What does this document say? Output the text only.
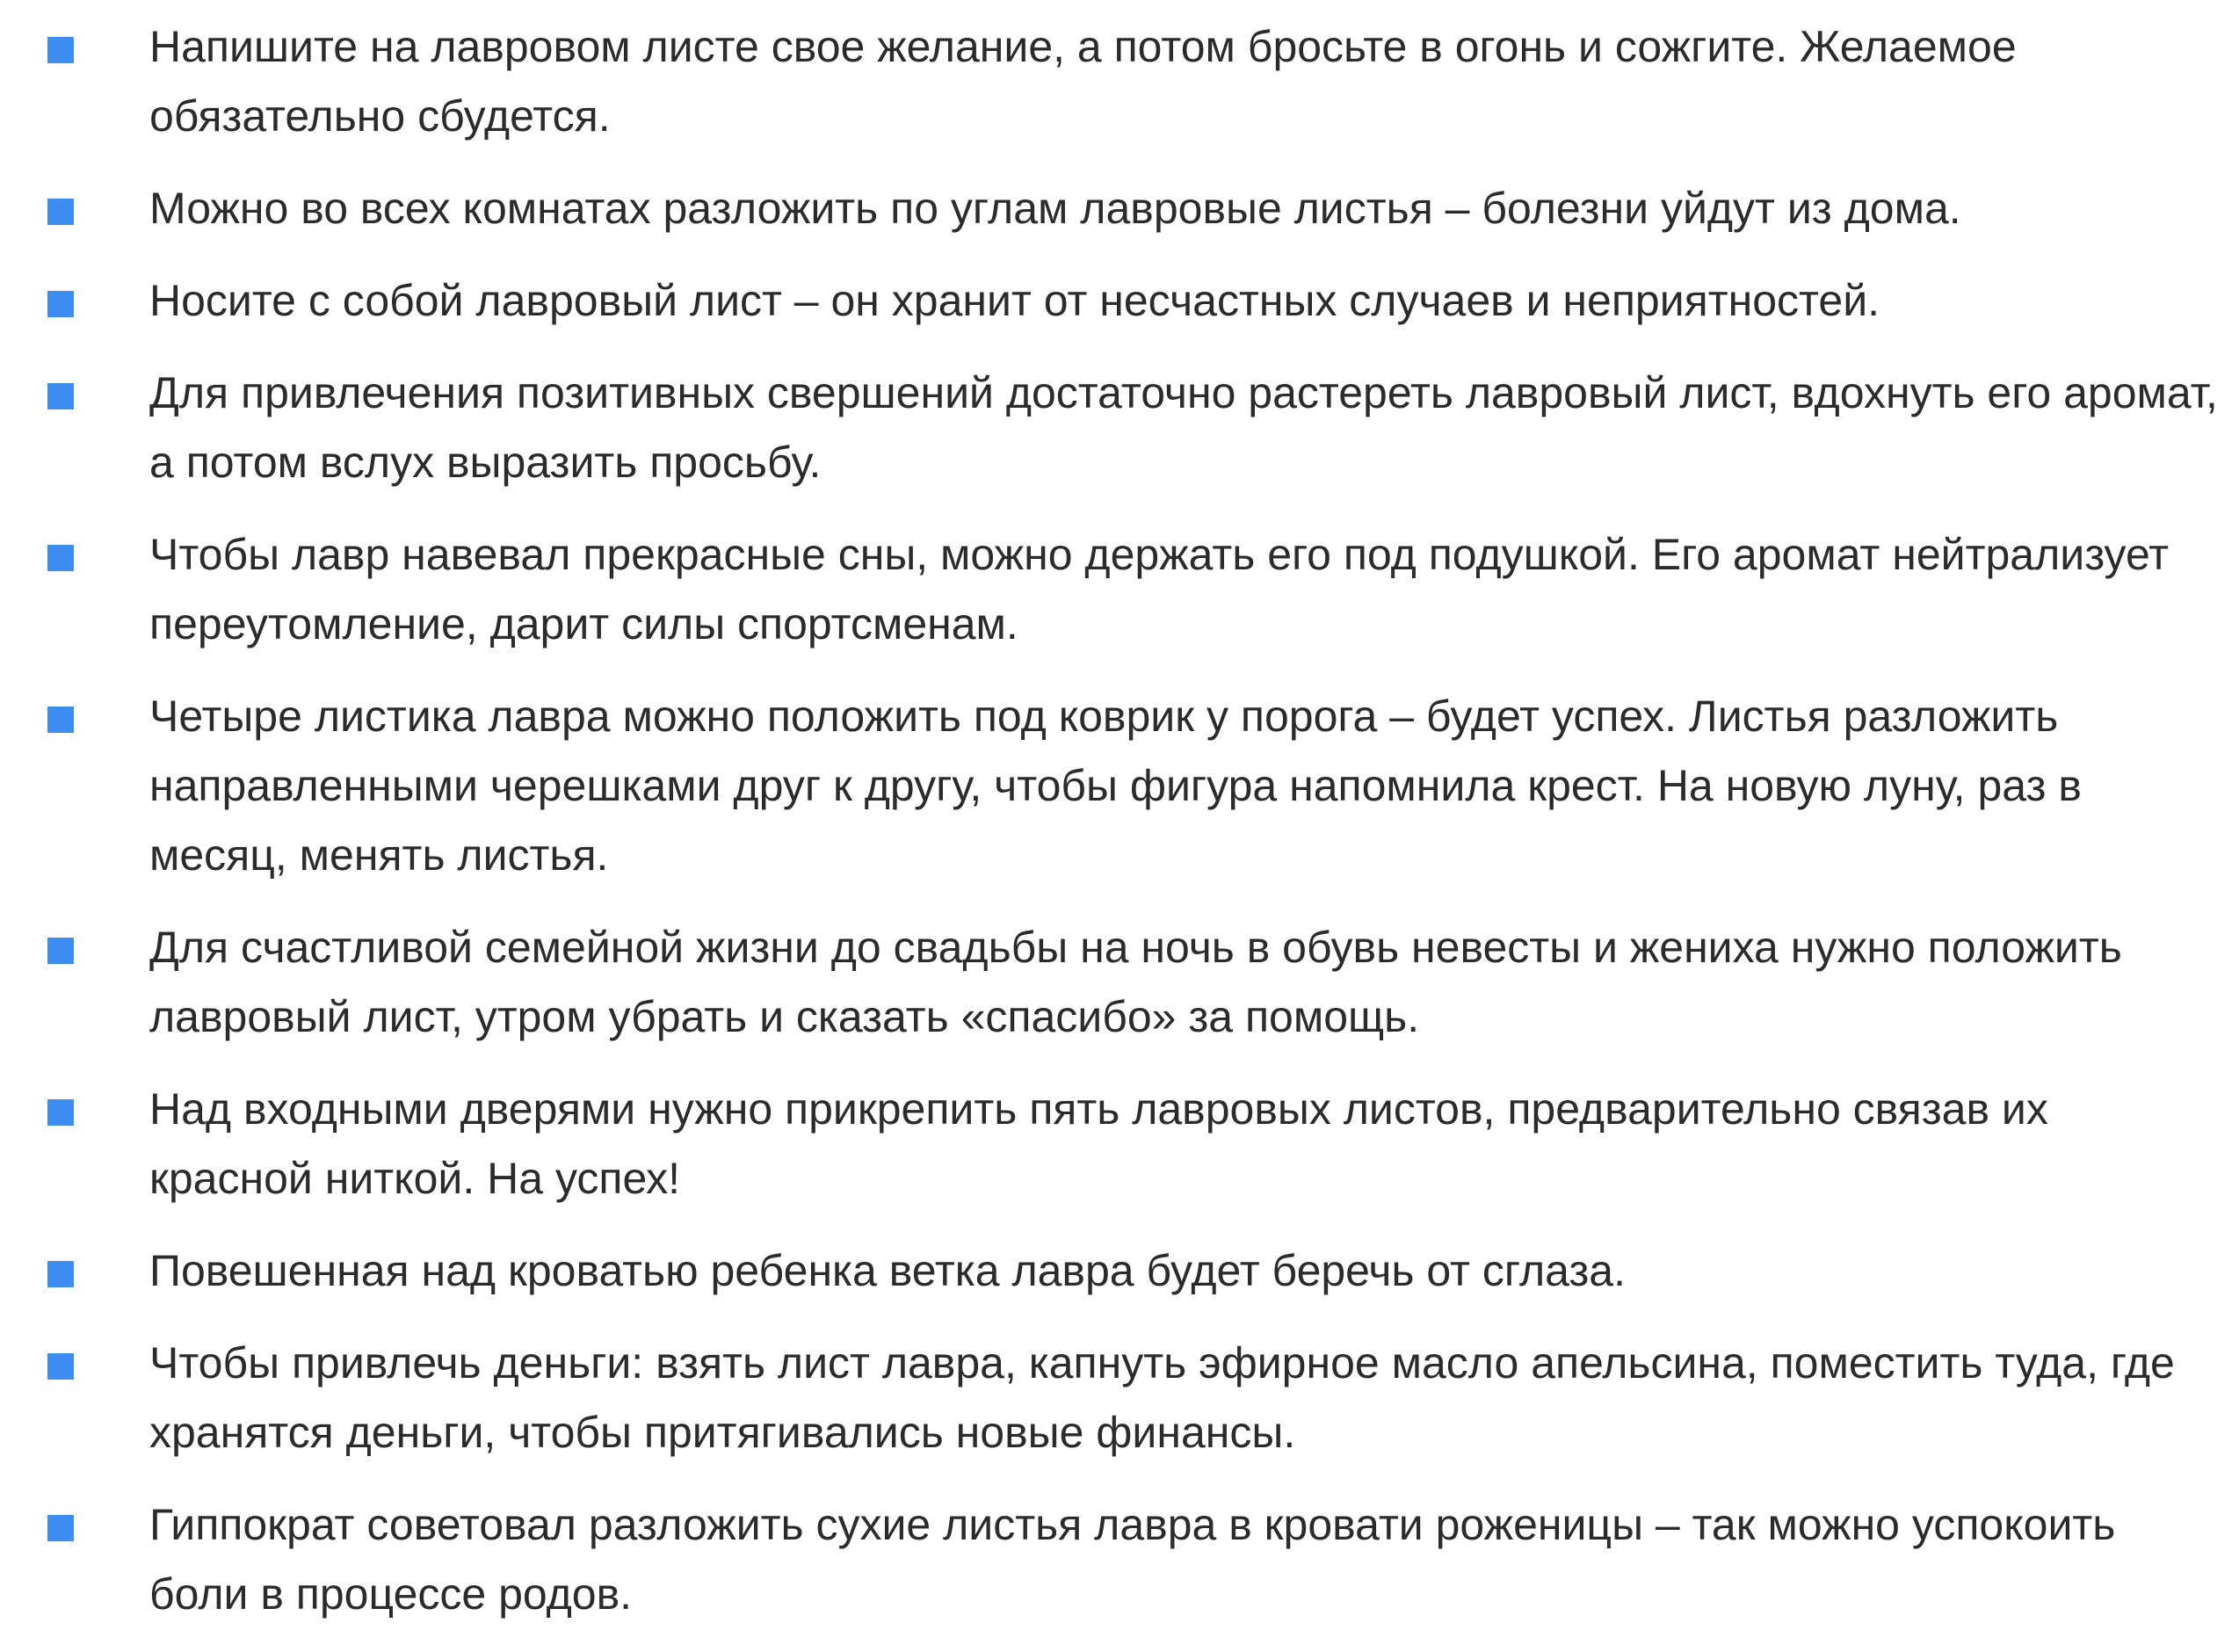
Напишите на лавровом листе свое желание, а потом бросьте в огонь и сожгите. Желаемое обязательно сбудется.
Можно во всех комнатах разложить по углам лавровые листья – болезни уйдут из дома.
Носите с собой лавровый лист – он хранит от несчастных случаев и неприятностей.
Для привлечения позитивных свершений достаточно растереть лавровый лист, вдохнуть его аромат, а потом вслух выразить просьбу.
Чтобы лавр навевал прекрасные сны, можно держать его под подушкой. Его аромат нейтрализует переутомление, дарит силы спортсменам.
Четыре листика лавра можно положить под коврик у порога – будет успех. Листья разложить направленными черешками друг к другу, чтобы фигура напомнила крест. На новую луну, раз в месяц, менять листья.
Для счастливой семейной жизни до свадьбы на ночь в обувь невесты и жениха нужно положить лавровый лист, утром убрать и сказать «спасибо» за помощь.
Над входными дверями нужно прикрепить пять лавровых листов, предварительно связав их красной ниткой. На успех!
Повешенная над кроватью ребенка ветка лавра будет беречь от сглаза.
Чтобы привлечь деньги: взять лист лавра, капнуть эфирное масло апельсина, поместить туда, где хранятся деньги, чтобы притягивались новые финансы.
Гиппократ советовал разложить сухие листья лавра в кровати роженицы – так можно успокоить боли в процессе родов.
